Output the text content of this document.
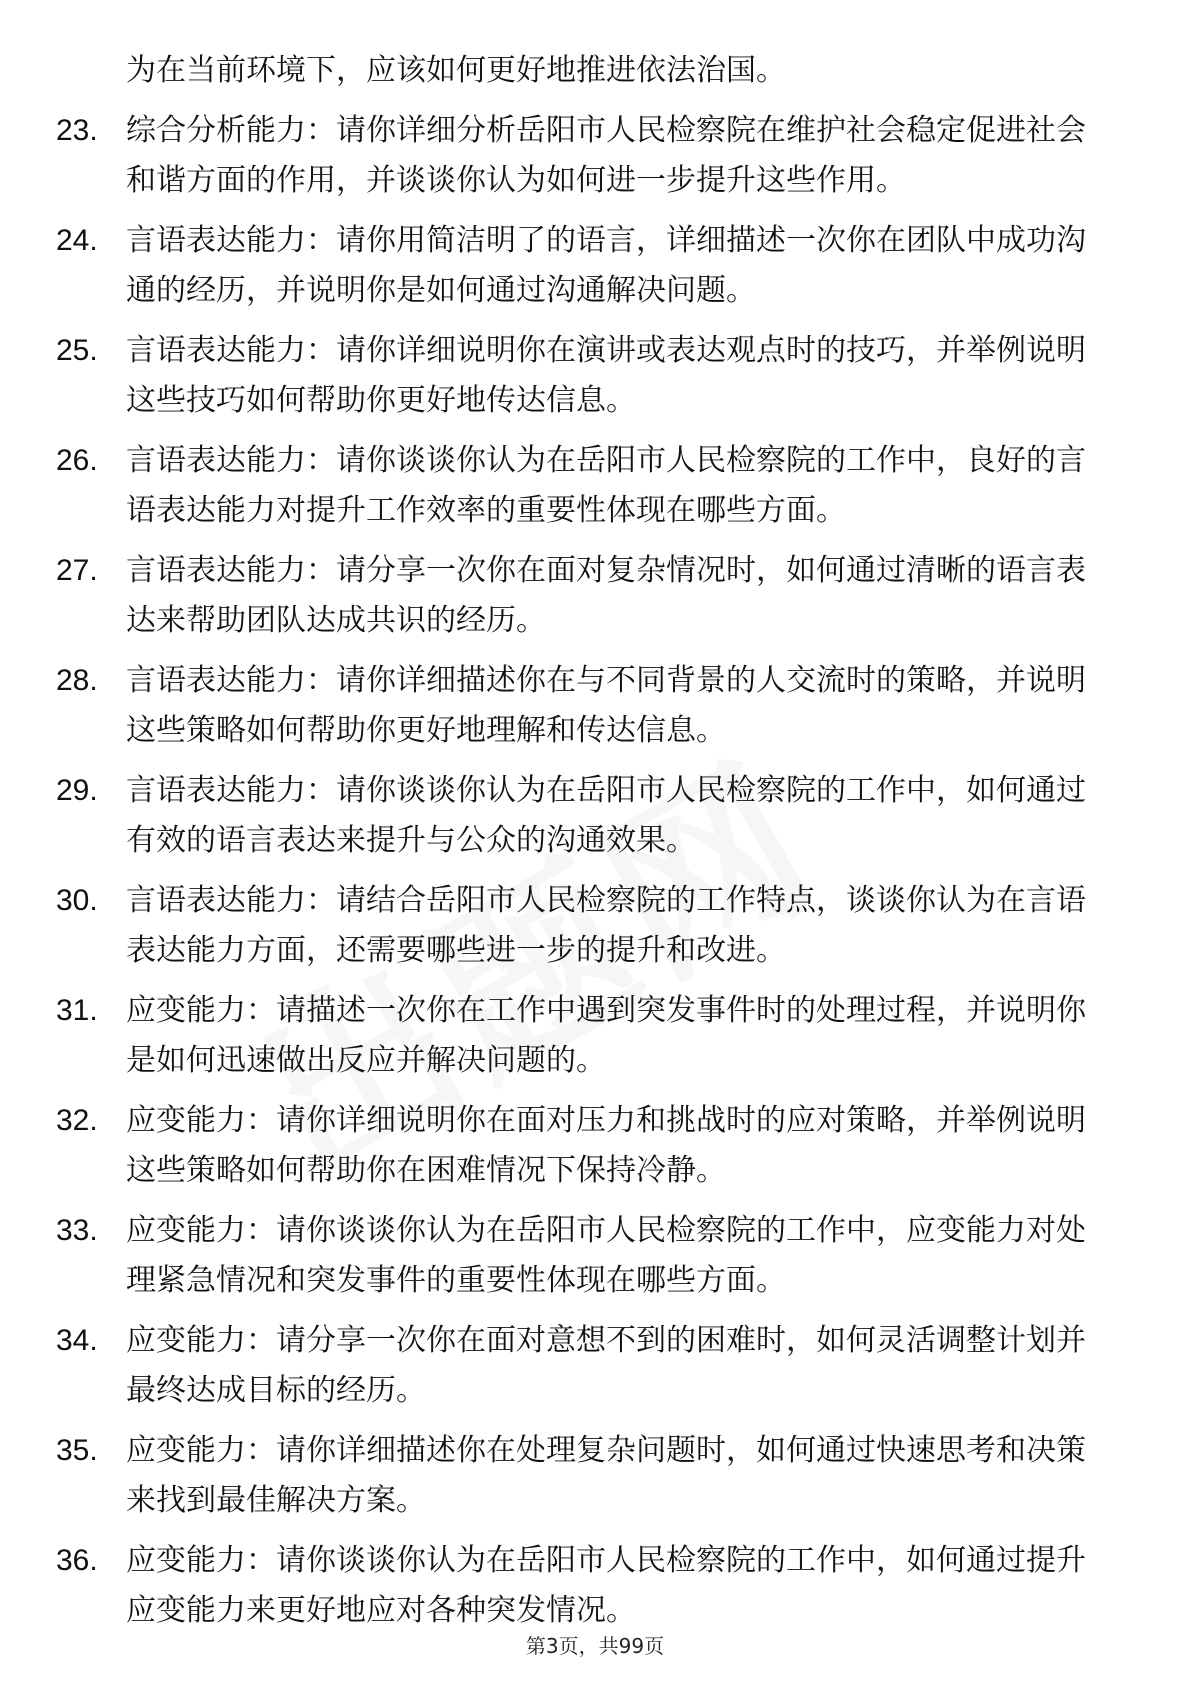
为在当前环境下，应该如何更好地推进依法治国。
23. 综合分析能力：请你详细分析岳阳市人民检察院在维护社会稳定促进社会和谐方面的作用，并谈谈你认为如何进一步提升这些作用。
24. 言语表达能力：请你用简洁明了的语言，详细描述一次你在团队中成功沟通的经历，并说明你是如何通过沟通解决问题。
25. 言语表达能力：请你详细说明你在演讲或表达观点时的技巧，并举例说明这些技巧如何帮助你更好地传达信息。
26. 言语表达能力：请你谈谈你认为在岳阳市人民检察院的工作中，良好的言语表达能力对提升工作效率的重要性体现在哪些方面。
27. 言语表达能力：请分享一次你在面对复杂情况时，如何通过清晰的语言表达来帮助团队达成共识的经历。
28. 言语表达能力：请你详细描述你在与不同背景的人交流时的策略，并说明这些策略如何帮助你更好地理解和传达信息。
29. 言语表达能力：请你谈谈你认为在岳阳市人民检察院的工作中，如何通过有效的语言表达来提升与公众的沟通效果。
30. 言语表达能力：请结合岳阳市人民检察院的工作特点，谈谈你认为在言语表达能力方面，还需要哪些进一步的提升和改进。
31. 应变能力：请描述一次你在工作中遇到突发事件时的处理过程，并说明你是如何迅速做出反应并解决问题的。
32. 应变能力：请你详细说明你在面对压力和挑战时的应对策略，并举例说明这些策略如何帮助你在困难情况下保持冷静。
33. 应变能力：请你谈谈你认为在岳阳市人民检察院的工作中，应变能力对处理紧急情况和突发事件的重要性体现在哪些方面。
34. 应变能力：请分享一次你在面对意想不到的困难时，如何灵活调整计划并最终达成目标的经历。
35. 应变能力：请你详细描述你在处理复杂问题时，如何通过快速思考和决策来找到最佳解决方案。
36. 应变能力：请你谈谈你认为在岳阳市人民检察院的工作中，如何通过提升应变能力来更好地应对各种突发情况。
第3页，共99页
